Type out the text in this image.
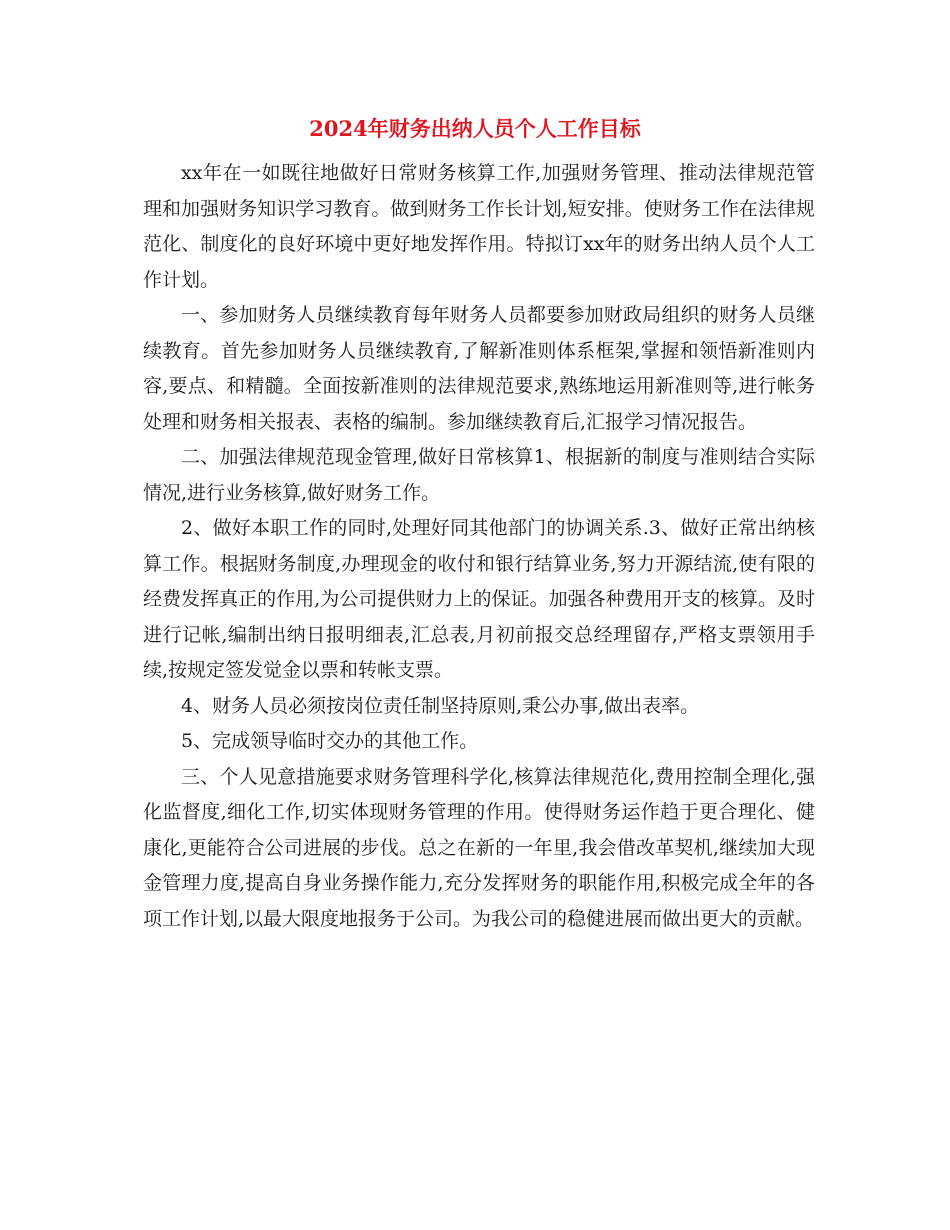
2024年财务出纳人员个人工作目标

xx年在一如既往地做好日常财务核算工作,加强财务管理、推动法律规范管理和加强财务知识学习教育。做到财务工作长计划,短安排。使财务工作在法律规范化、制度化的良好环境中更好地发挥作用。特拟订xx年的财务出纳人员个人工作计划。

一、参加财务人员继续教育每年财务人员都要参加财政局组织的财务人员继续教育。首先参加财务人员继续教育,了解新准则体系框架,掌握和领悟新准则内容,要点、和精髓。全面按新准则的法律规范要求,熟练地运用新准则等,进行帐务处理和财务相关报表、表格的编制。参加继续教育后,汇报学习情况报告。

二、加强法律规范现金管理,做好日常核算1、根据新的制度与准则结合实际情况,进行业务核算,做好财务工作。

2、做好本职工作的同时,处理好同其他部门的协调关系.3、做好正常出纳核算工作。根据财务制度,办理现金的收付和银行结算业务,努力开源结流,使有限的经费发挥真正的作用,为公司提供财力上的保证。加强各种费用开支的核算。及时进行记帐,编制出纳日报明细表,汇总表,月初前报交总经理留存,严格支票领用手续,按规定签发觉金以票和转帐支票。

4、财务人员必须按岗位责任制坚持原则,秉公办事,做出表率。

5、完成领导临时交办的其他工作。

三、个人见意措施要求财务管理科学化,核算法律规范化,费用控制全理化,强化监督度,细化工作,切实体现财务管理的作用。使得财务运作趋于更合理化、健康化,更能符合公司进展的步伐。总之在新的一年里,我会借改革契机,继续加大现金管理力度,提高自身业务操作能力,充分发挥财务的职能作用,积极完成全年的各项工作计划,以最大限度地报务于公司。为我公司的稳健进展而做出更大的贡献。
